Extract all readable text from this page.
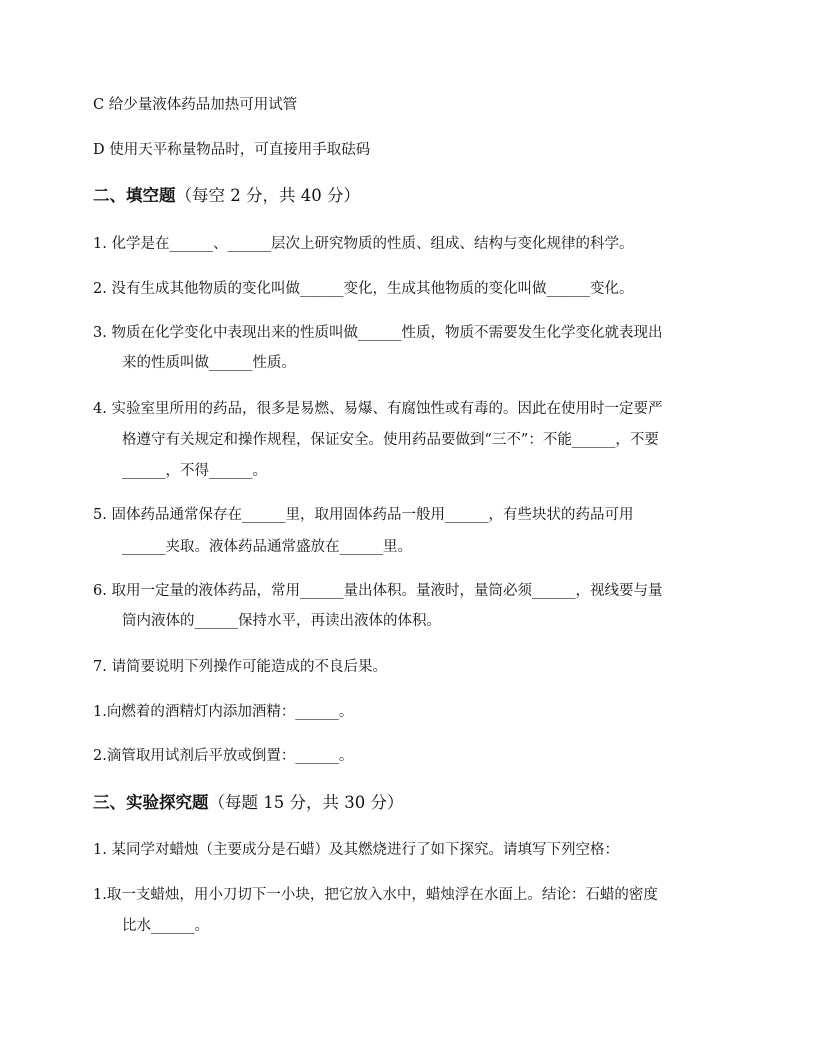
C 给少量液体药品加热可用试管
D 使用天平称量物品时，可直接用手取砝码
二、填空题（每空 2 分，共 40 分）
1. 化学是在______、______层次上研究物质的性质、组成、结构与变化规律的科学。
2. 没有生成其他物质的变化叫做______变化，生成其他物质的变化叫做______变化。
3. 物质在化学变化中表现出来的性质叫做______性质，物质不需要发生化学变化就表现出
来的性质叫做______性质。
4. 实验室里所用的药品，很多是易燃、易爆、有腐蚀性或有毒的。因此在使用时一定要严
格遵守有关规定和操作规程，保证安全。使用药品要做到“三不”：不能______，不要
______，不得______。
5. 固体药品通常保存在______里，取用固体药品一般用______，有些块状的药品可用
______夹取。液体药品通常盛放在______里。
6. 取用一定量的液体药品，常用______量出体积。量液时，量筒必须______，视线要与量
筒内液体的______保持水平，再读出液体的体积。
7. 请简要说明下列操作可能造成的不良后果。
1.向燃着的酒精灯内添加酒精：______。
2.滴管取用试剂后平放或倒置：______。
三、实验探究题（每题 15 分，共 30 分）
1. 某同学对蜡烛（主要成分是石蜡）及其燃烧进行了如下探究。请填写下列空格：
1.取一支蜡烛，用小刀切下一小块，把它放入水中，蜡烛浮在水面上。结论：石蜡的密度
比水______。
